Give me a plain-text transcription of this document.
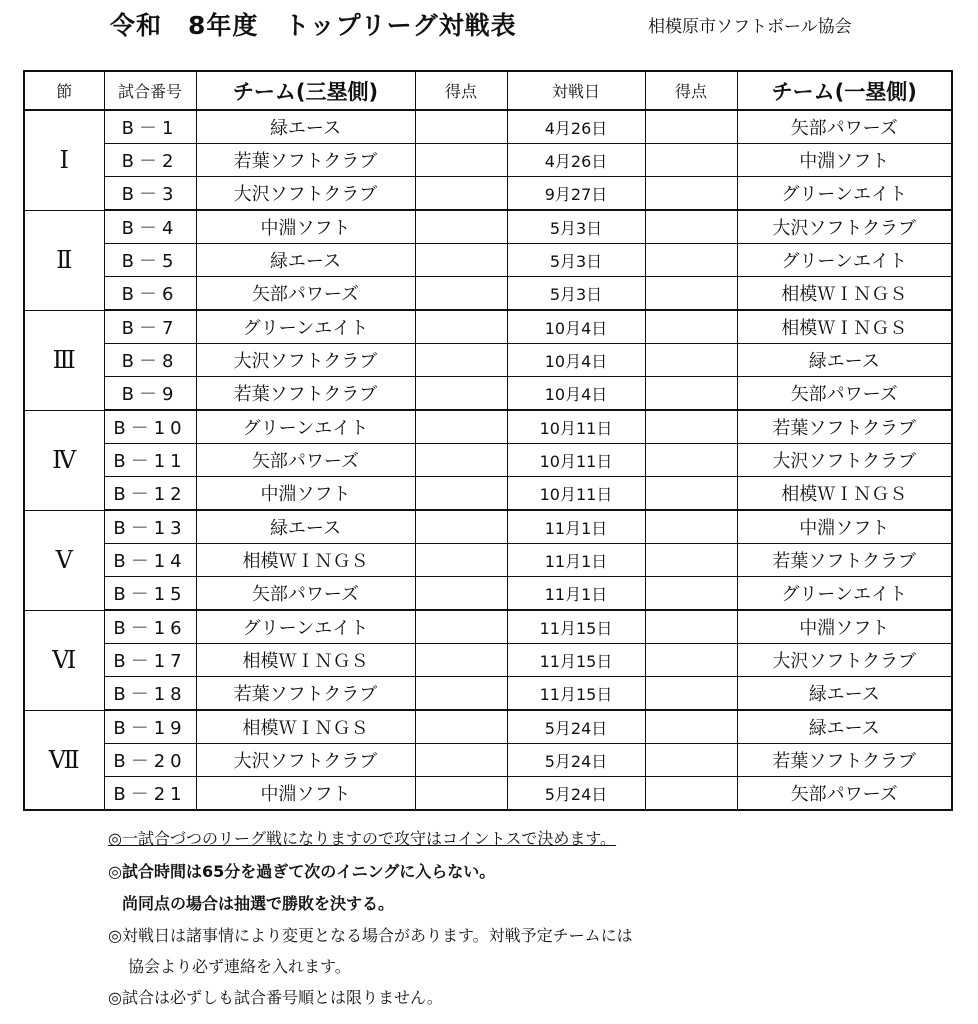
令和　8年度　トップリーグ対戦表	相模原市ソフトボール協会
節	試合番号	チーム(三塁側)	得点	対戦日	得点	チーム(一塁側)
Ⅰ	B－1	緑エース		4月26日		矢部パワーズ
	B－2	若葉ソフトクラブ		4月26日		中淵ソフト
	B－3	大沢ソフトクラブ		9月27日		グリーンエイト
Ⅱ	B－4	中淵ソフト		5月3日		大沢ソフトクラブ
	B－5	緑エース		5月3日		グリーンエイト
	B－6	矢部パワーズ		5月3日		相模ＷＩＮＧＳ
Ⅲ	B－7	グリーンエイト		10月4日		相模ＷＩＮＧＳ
	B－8	大沢ソフトクラブ		10月4日		緑エース
	B－9	若葉ソフトクラブ		10月4日		矢部パワーズ
Ⅳ	B－10	グリーンエイト		10月11日		若葉ソフトクラブ
	B－11	矢部パワーズ		10月11日		大沢ソフトクラブ
	B－12	中淵ソフト		10月11日		相模ＷＩＮＧＳ
Ⅴ	B－13	緑エース		11月1日		中淵ソフト
	B－14	相模ＷＩＮＧＳ		11月1日		若葉ソフトクラブ
	B－15	矢部パワーズ		11月1日		グリーンエイト
Ⅵ	B－16	グリーンエイト		11月15日		中淵ソフト
	B－17	相模ＷＩＮＧＳ		11月15日		大沢ソフトクラブ
	B－18	若葉ソフトクラブ		11月15日		緑エース
Ⅶ	B－19	相模ＷＩＮＧＳ		5月24日		緑エース
	B－20	大沢ソフトクラブ		5月24日		若葉ソフトクラブ
	B－21	中淵ソフト		5月24日		矢部パワーズ
◎一試合づつのリーグ戦になりますので攻守はコイントスで決めます。
◎試合時間は65分を過ぎて次のイニングに入らない。
尚同点の場合は抽選で勝敗を決する。
◎対戦日は諸事情により変更となる場合があります。対戦予定チームには
協会より必ず連絡を入れます。
◎試合は必ずしも試合番号順とは限りません。
